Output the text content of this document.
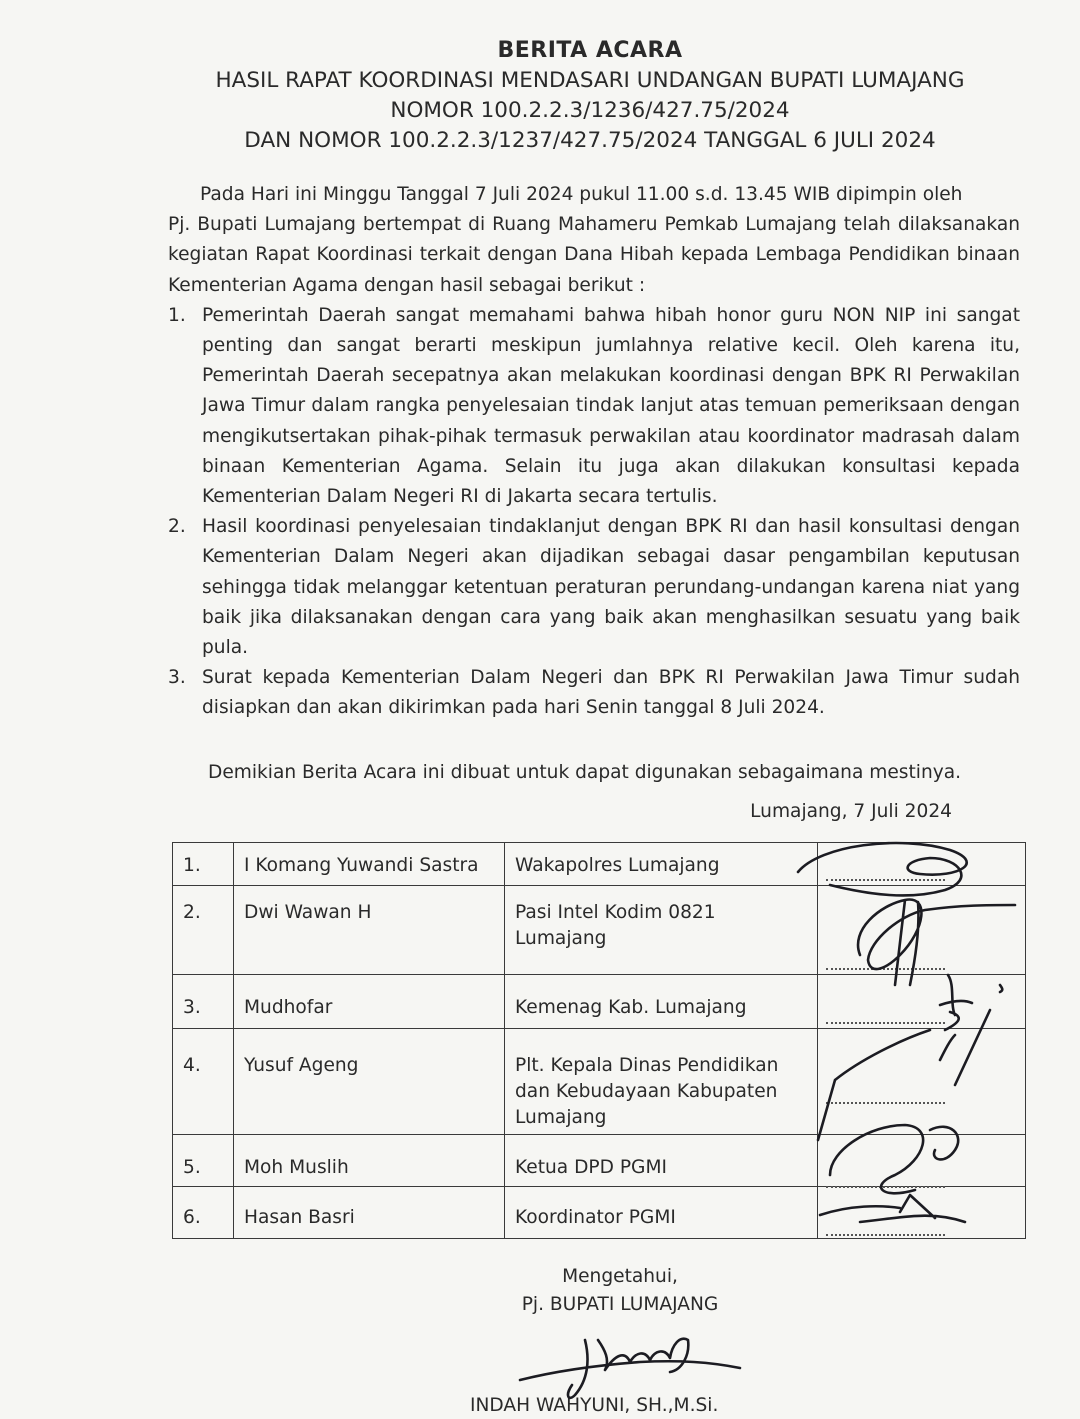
BERITA ACARA
HASIL RAPAT KOORDINASI MENDASARI UNDANGAN BUPATI LUMAJANG
NOMOR 100.2.2.3/1236/427.75/2024
DAN NOMOR 100.2.2.3/1237/427.75/2024 TANGGAL 6 JULI 2024

Pada Hari ini Minggu Tanggal 7 Juli 2024 pukul 11.00 s.d. 13.45 WIB dipimpin oleh

Pj. Bupati Lumajang bertempat di Ruang Mahameru Pemkab Lumajang telah dilaksanakan kegiatan Rapat Koordinasi terkait dengan Dana Hibah kepada Lembaga Pendidikan binaan Kementerian Agama dengan hasil sebagai berikut :

1. Pemerintah Daerah sangat memahami bahwa hibah honor guru NON NIP ini sangat penting dan sangat berarti meskipun jumlahnya relative kecil. Oleh karena itu, Pemerintah Daerah secepatnya akan melakukan koordinasi dengan BPK RI Perwakilan Jawa Timur dalam rangka penyelesaian tindak lanjut atas temuan pemeriksaan dengan mengikutsertakan pihak-pihak termasuk perwakilan atau koordinator madrasah dalam binaan Kementerian Agama. Selain itu juga akan dilakukan konsultasi kepada Kementerian Dalam Negeri RI di Jakarta secara tertulis.
2. Hasil koordinasi penyelesaian tindaklanjut dengan BPK RI dan hasil konsultasi dengan Kementerian Dalam Negeri akan dijadikan sebagai dasar pengambilan keputusan sehingga tidak melanggar ketentuan peraturan perundang-undangan karena niat yang baik jika dilaksanakan dengan cara yang baik akan menghasilkan sesuatu yang baik pula.
3. Surat kepada Kementerian Dalam Negeri dan BPK RI Perwakilan Jawa Timur sudah disiapkan dan akan dikirimkan pada hari Senin tanggal 8 Juli 2024.
Demikian Berita Acara ini dibuat untuk dapat digunakan sebagaimana mestinya.
Lumajang, 7 Juli 2024
1.	I Komang Yuwandi Sastra	Wakapolres Lumajang	

2.	Dwi Wawan H	Pasi Intel Kodim 0821 Lumajang	

3.	Mudhofar	Kemenag Kab. Lumajang	

4.	Yusuf Ageng	Plt. Kepala Dinas Pendidikan dan Kebudayaan Kabupaten Lumajang	

5.	Moh Muslih	Ketua DPD PGMI	

6.	Hasan Basri	Koordinator PGMI	
Mengetahui,
Pj. BUPATI LUMAJANG
INDAH WAHYUNI, SH.,M.Si.
